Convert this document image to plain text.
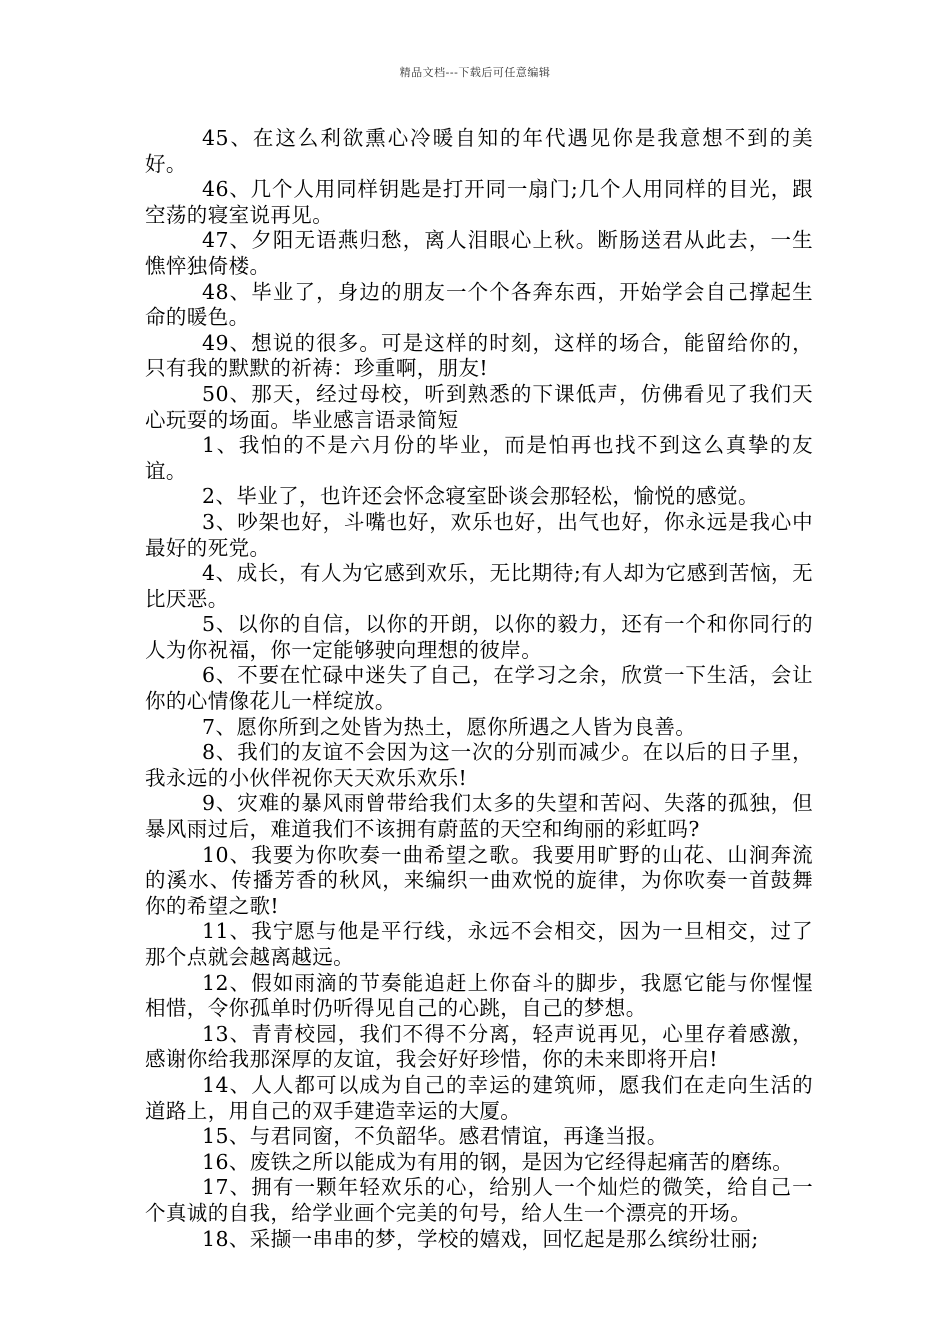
精品文档---下载后可任意编辑

45、在这么利欲熏心冷暖自知的年代遇见你是我意想不到的美好。

46、几个人用同样钥匙是打开同一扇门;几个人用同样的目光，跟空荡的寝室说再见。

47、夕阳无语燕归愁，离人泪眼心上秋。断肠送君从此去，一生憔悴独倚楼。

48、毕业了，身边的朋友一个个各奔东西，开始学会自己撑起生命的暖色。

49、想说的很多。可是这样的时刻，这样的场合，能留给你的，只有我的默默的祈祷：珍重啊，朋友!

50、那天，经过母校，听到熟悉的下课低声，仿佛看见了我们天心玩耍的场面。毕业感言语录简短

1、我怕的不是六月份的毕业，而是怕再也找不到这么真挚的友谊。

2、毕业了，也许还会怀念寝室卧谈会那轻松，愉悦的感觉。

3、吵架也好，斗嘴也好，欢乐也好，出气也好，你永远是我心中最好的死党。

4、成长，有人为它感到欢乐，无比期待;有人却为它感到苦恼，无比厌恶。

5、以你的自信，以你的开朗，以你的毅力，还有一个和你同行的人为你祝福，你一定能够驶向理想的彼岸。

6、不要在忙碌中迷失了自己，在学习之余，欣赏一下生活，会让你的心情像花儿一样绽放。

7、愿你所到之处皆为热土，愿你所遇之人皆为良善。

8、我们的友谊不会因为这一次的分别而减少。在以后的日子里，我永远的小伙伴祝你天天欢乐欢乐!

9、灾难的暴风雨曾带给我们太多的失望和苦闷、失落的孤独，但暴风雨过后，难道我们不该拥有蔚蓝的天空和绚丽的彩虹吗?

10、我要为你吹奏一曲希望之歌。我要用旷野的山花、山涧奔流的溪水、传播芳香的秋风，来编织一曲欢悦的旋律，为你吹奏一首鼓舞你的希望之歌!

11、我宁愿与他是平行线，永远不会相交，因为一旦相交，过了那个点就会越离越远。

12、假如雨滴的节奏能追赶上你奋斗的脚步，我愿它能与你惺惺相惜，令你孤单时仍听得见自己的心跳，自己的梦想。

13、青青校园，我们不得不分离，轻声说再见，心里存着感激，感谢你给我那深厚的友谊，我会好好珍惜，你的未来即将开启!

14、人人都可以成为自己的幸运的建筑师，愿我们在走向生活的道路上，用自己的双手建造幸运的大厦。

15、与君同窗，不负韶华。感君情谊，再逢当报。

16、废铁之所以能成为有用的钢，是因为它经得起痛苦的磨练。

17、拥有一颗年轻欢乐的心，给别人一个灿烂的微笑，给自己一个真诚的自我，给学业画个完美的句号，给人生一个漂亮的开场。

18、采撷一串串的梦，学校的嬉戏，回忆起是那么缤纷壮丽;
